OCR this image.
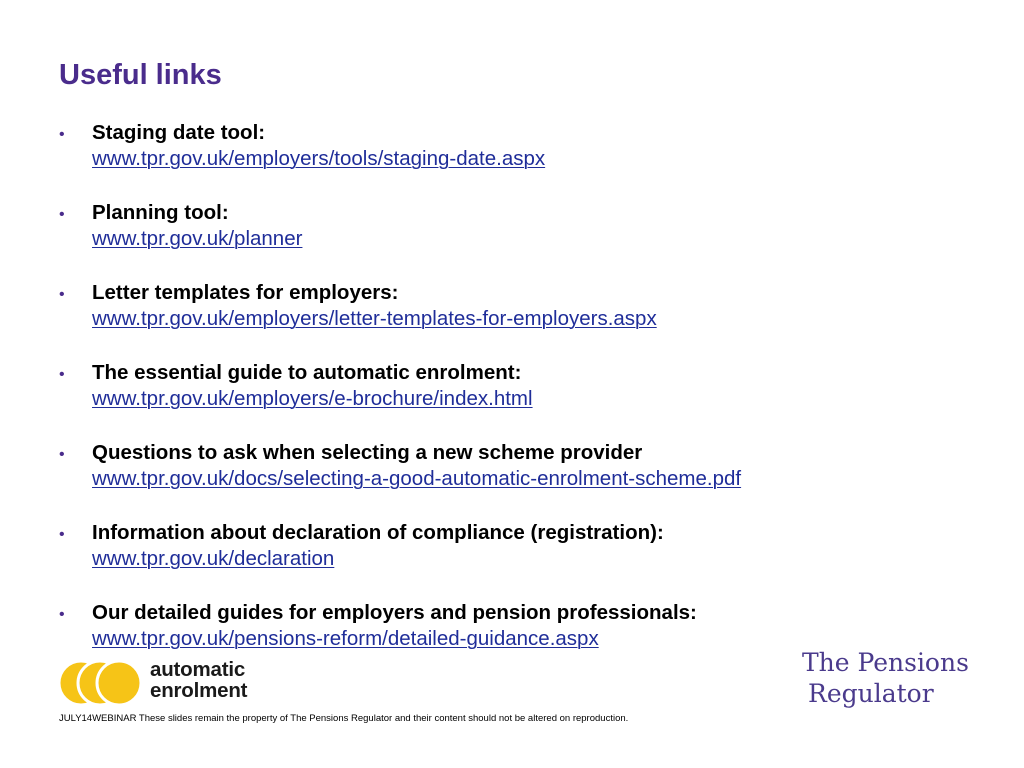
Useful links
• Staging date tool:
www.tpr.gov.uk/employers/tools/staging-date.aspx
• Planning tool:
www.tpr.gov.uk/planner
• Letter templates for employers:
www.tpr.gov.uk/employers/letter-templates-for-employers.aspx
• The essential guide to automatic enrolment:
www.tpr.gov.uk/employers/e-brochure/index.html
• Questions to ask when selecting a new scheme provider
www.tpr.gov.uk/docs/selecting-a-good-automatic-enrolment-scheme.pdf
• Information about declaration of compliance (registration):
www.tpr.gov.uk/declaration
• Our detailed guides for employers and pension professionals:
www.tpr.gov.uk/pensions-reform/detailed-guidance.aspx
automatic
enrolment
The Pensions
Regulator
JULY14WEBINAR These slides remain the property of The Pensions Regulator and their content should not be altered on reproduction.
